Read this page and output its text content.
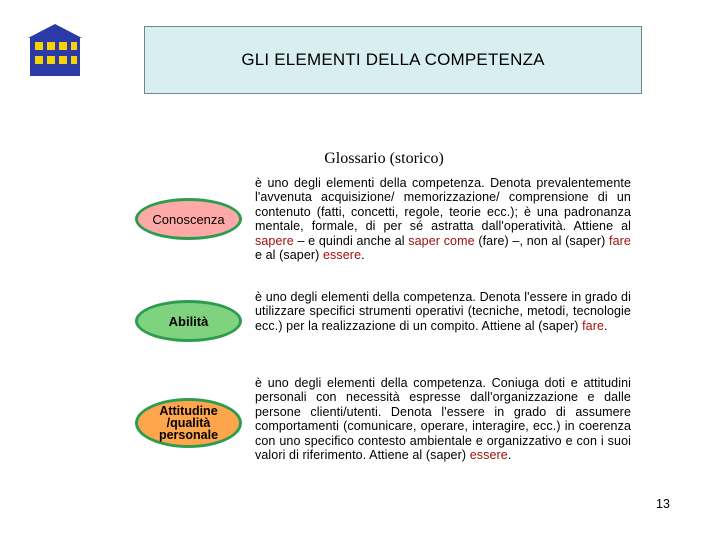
GLI ELEMENTI DELLA COMPETENZA
Glossario (storico)
Conoscenza
è uno degli elementi della competenza. Denota prevalentemente l'avvenuta acquisizione/ memorizzazione/ comprensione di un contenuto (fatti, concetti, regole, teorie ecc.); è una padronanza mentale, formale, di per sé astratta dall'operatività. Attiene al sapere – e quindi anche al saper come (fare) –, non al (saper) fare e al (saper) essere.
Abilità
è uno degli elementi della competenza. Denota l'essere in grado di utilizzare specifici strumenti operativi (tecniche, metodi, tecnologie ecc.) per la realizzazione di un compito. Attiene al (saper) fare.
Attitudine
/qualità
personale
è uno degli elementi della competenza. Coniuga doti e attitudini personali con necessità espresse dall'organizzazione e dalle persone clienti/utenti. Denota l'essere in grado di assumere comportamenti (comunicare, operare, interagire, ecc.) in coerenza con uno specifico contesto ambientale e organizzativo e con i suoi valori di riferimento. Attiene al (saper) essere.
13
